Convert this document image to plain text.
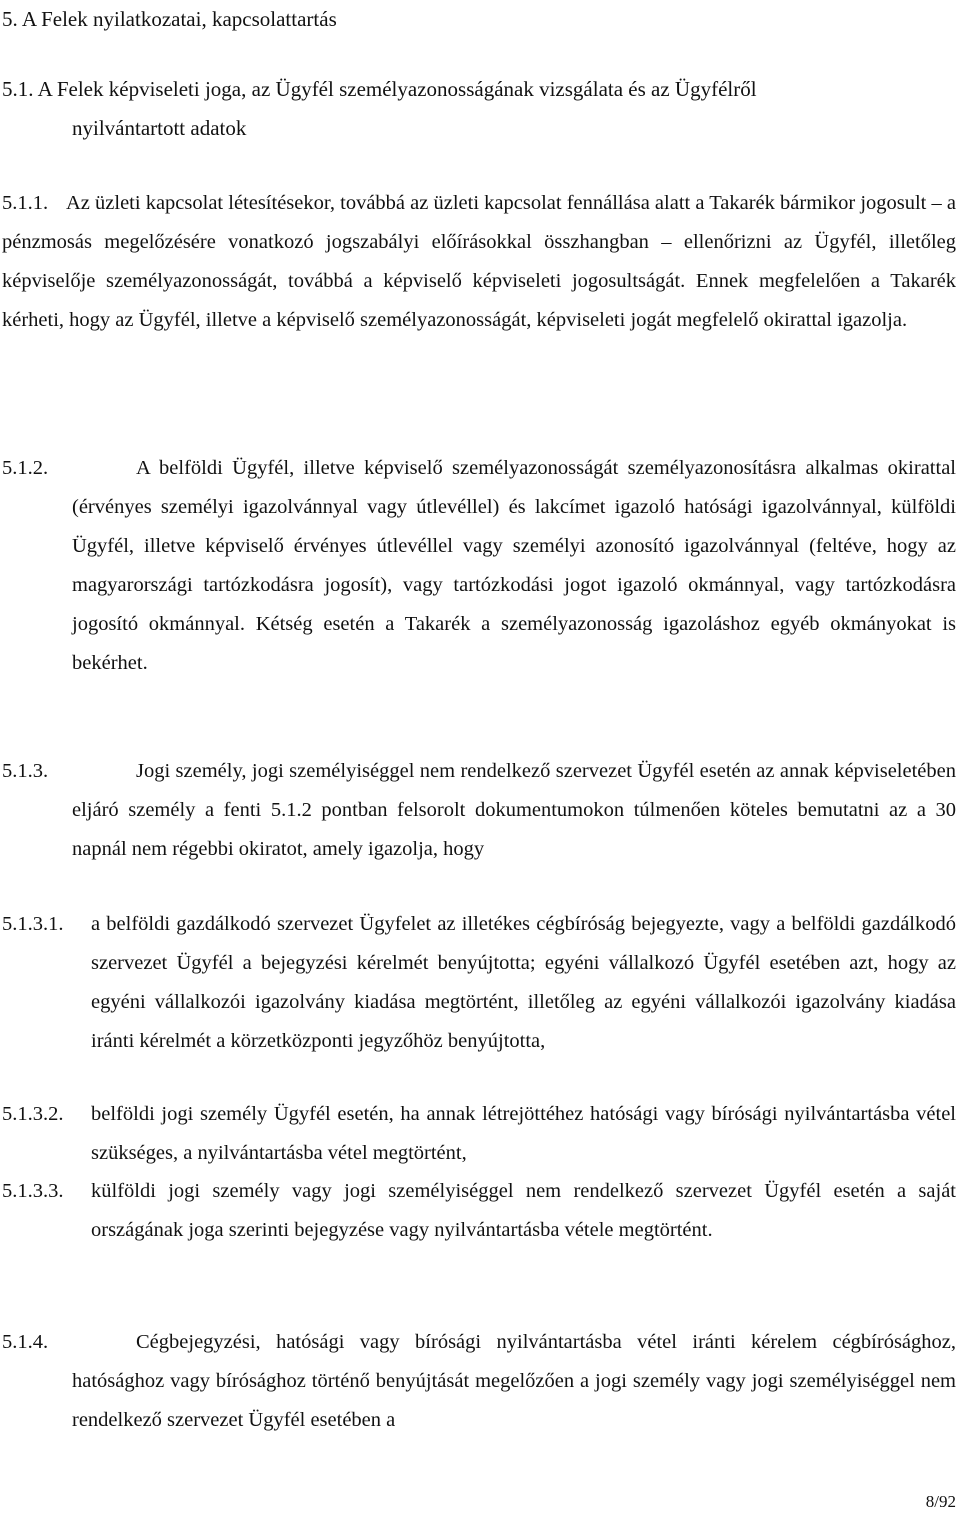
5. A Felek nyilatkozatai, kapcsolattartás
5.1. A Felek képviseleti joga, az Ügyfél személyazonosságának vizsgálata és az Ügyfélről
nyilvántartott adatok
5.1.1. Az üzleti kapcsolat létesítésekor, továbbá az üzleti kapcsolat fennállása alatt a Takarék bármikor jogosult – a pénzmosás megelőzésére vonatkozó jogszabályi előírásokkal összhangban – ellenőrizni az Ügyfél, illetőleg képviselője személyazonosságát, továbbá a képviselő képviseleti jogosultságát. Ennek megfelelően a Takarék kérheti, hogy az Ügyfél, illetve a képviselő személyazonosságát, képviseleti jogát megfelelő okirattal igazolja.
5.1.2.	A belföldi Ügyfél, illetve képviselő személyazonosságát személyazonosításra alkalmas okirattal (érvényes személyi igazolvánnyal vagy útlevéllel) és lakcímet igazoló hatósági igazolvánnyal, külföldi Ügyfél, illetve képviselő érvényes útlevéllel vagy személyi azonosító igazolvánnyal (feltéve, hogy az magyarországi tartózkodásra jogosít), vagy tartózkodási jogot igazoló okmánnyal, vagy tartózkodásra jogosító okmánnyal. Kétség esetén a Takarék a személyazonosság igazoláshoz egyéb okmányokat is bekérhet.
5.1.3.	Jogi személy, jogi személyiséggel nem rendelkező szervezet Ügyfél esetén az annak képviseletében eljáró személy a fenti 5.1.2 pontban felsorolt dokumentumokon túlmenően köteles bemutatni az a 30 napnál nem régebbi okiratot, amely igazolja, hogy
5.1.3.1.	a belföldi gazdálkodó szervezet Ügyfelet az illetékes cégbíróság bejegyezte, vagy a belföldi gazdálkodó szervezet Ügyfél a bejegyzési kérelmét benyújtotta; egyéni vállalkozó Ügyfél esetében azt, hogy az egyéni vállalkozói igazolvány kiadása megtörtént, illetőleg az egyéni vállalkozói igazolvány kiadása iránti kérelmét a körzetközponti jegyzőhöz benyújtotta,
5.1.3.2.	belföldi jogi személy Ügyfél esetén, ha annak létrejöttéhez hatósági vagy bírósági nyilvántartásba vétel szükséges, a nyilvántartásba vétel megtörtént,
5.1.3.3.	külföldi jogi személy vagy jogi személyiséggel nem rendelkező szervezet Ügyfél esetén a saját országának joga szerinti bejegyzése vagy nyilvántartásba vétele megtörtént.
5.1.4.	Cégbejegyzési, hatósági vagy bírósági nyilvántartásba vétel iránti kérelem cégbírósághoz, hatósághoz vagy bírósághoz történő benyújtását megelőzően a jogi személy vagy jogi személyiséggel nem rendelkező szervezet Ügyfél esetében a
8/92
